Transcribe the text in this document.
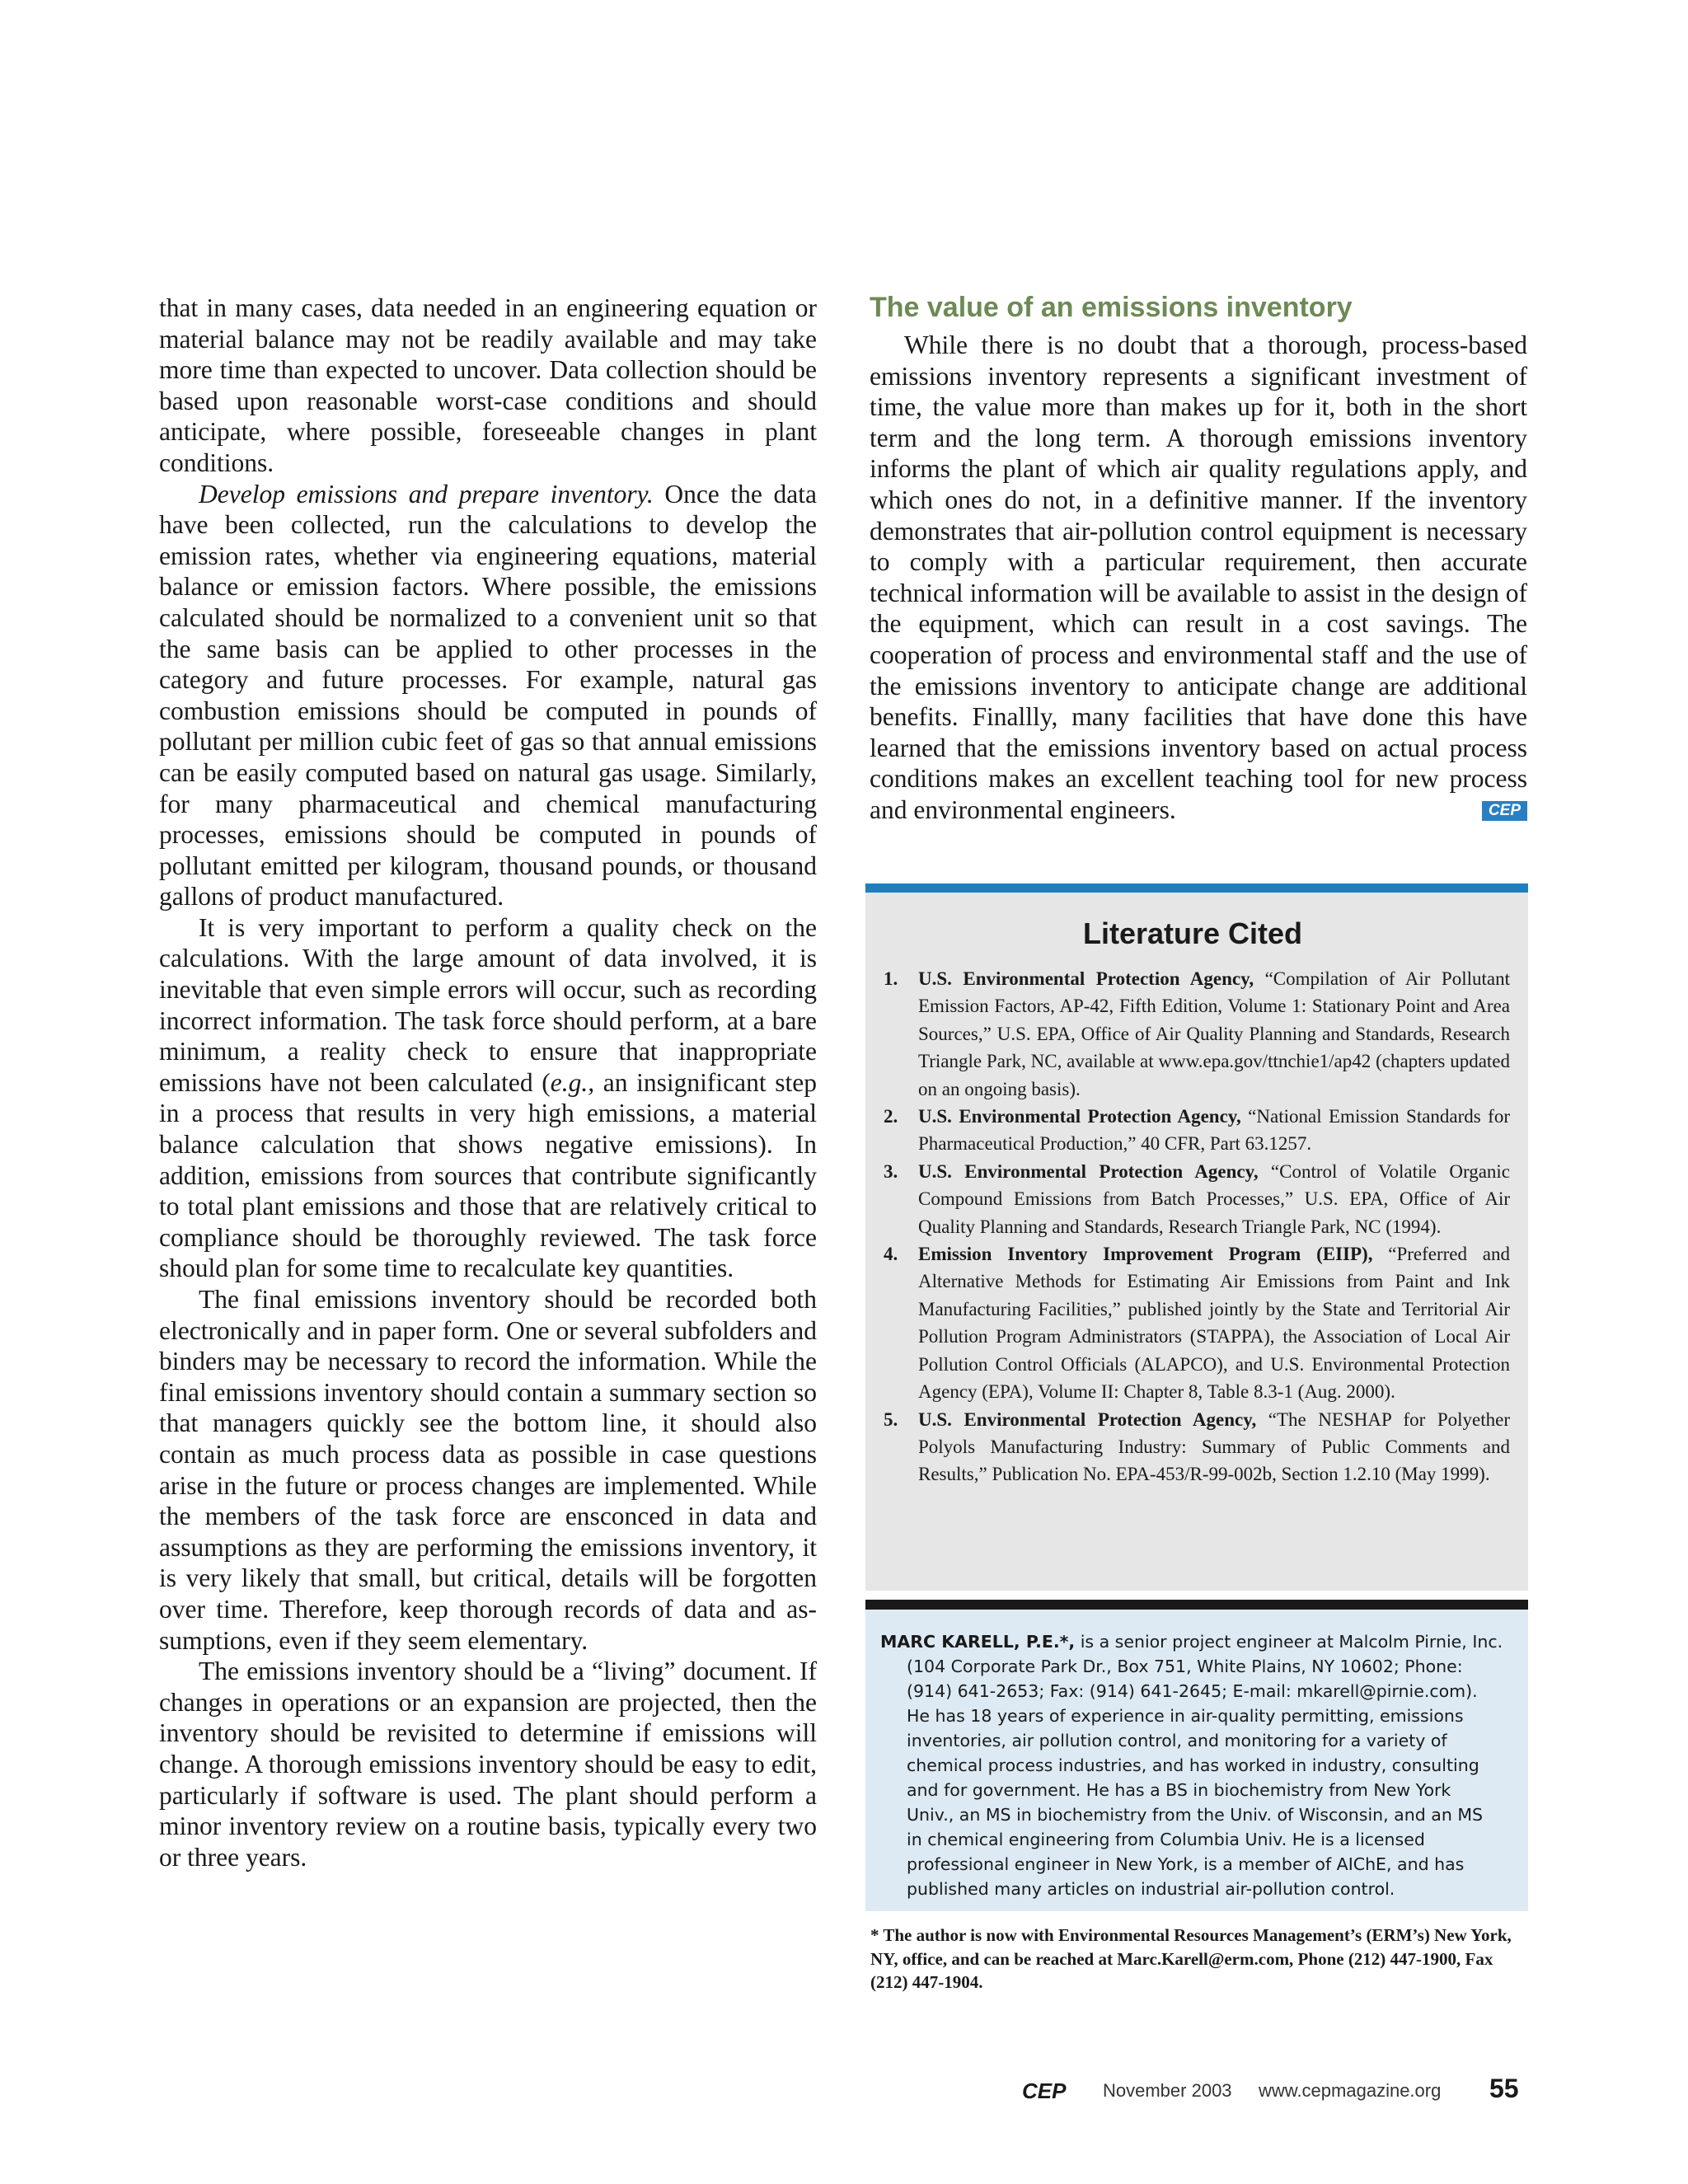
that in many cases, data needed in an engineering equation or material balance may not be readily available and may take more time than expected to uncover. Data collection should be based upon reasonable worst-case conditions and should anticipate, where possible, foreseeable changes in plant conditions.

Develop emissions and prepare inventory. Once the data have been collected, run the calculations to develop the emission rates, whether via engineering equations, material balance or emission factors. Where possible, the emissions calculated should be normalized to a convenient unit so that the same basis can be applied to other processes in the category and future processes. For example, natural gas combustion emissions should be computed in pounds of pollutant per million cubic feet of gas so that annual emissions can be easily computed based on natural gas usage. Similarly, for many pharmaceutical and chemical manufacturing processes, emissions should be computed in pounds of pollutant emitted per kilogram, thousand pounds, or thousand gallons of product manufactured.

It is very important to perform a quality check on the calculations. With the large amount of data involved, it is inevitable that even simple errors will occur, such as recording incorrect information. The task force should perform, at a bare minimum, a reality check to ensure that inappropriate emissions have not been calculated (e.g., an insignificant step in a process that results in very high emissions, a material balance calculation that shows negative emissions). In addition, emissions from sources that contribute significantly to total plant emissions and those that are relatively critical to compliance should be thoroughly reviewed. The task force should plan for some time to recalculate key quantities.

The final emissions inventory should be recorded both electronically and in paper form. One or several subfolders and binders may be necessary to record the information. While the final emissions inventory should contain a summary section so that managers quickly see the bottom line, it should also contain as much process data as possible in case questions arise in the future or process changes are implemented. While the members of the task force are ensconced in data and assumptions as they are performing the emissions inventory, it is very likely that small, but critical, details will be forgotten over time. Therefore, keep thorough records of data and assumptions, even if they seem elementary.

The emissions inventory should be a “living” document. If changes in operations or an expansion are projected, then the inventory should be revisited to determine if emissions will change. A thorough emissions inventory should be easy to edit, particularly if software is used. The plant should perform a minor inventory review on a routine basis, typically every two or three years.

The value of an emissions inventory

While there is no doubt that a thorough, process-based emissions inventory represents a significant investment of time, the value more than makes up for it, both in the short term and the long term. A thorough emissions inventory informs the plant of which air quality regulations apply, and which ones do not, in a definitive manner. If the inventory demonstrates that air-pollution control equipment is necessary to comply with a particular requirement, then accurate technical information will be available to assist in the design of the equipment, which can result in a cost savings. The cooperation of process and environmental staff and the use of the emissions inventory to anticipate change are additional benefits. Finallly, many facilities that have done this have learned that the emissions inventory based on actual process conditions makes an excellent teaching tool for new process and environmental engineers.	CEP

Literature Cited
1. U.S. Environmental Protection Agency, “Compilation of Air Pollutant Emission Factors, AP-42, Fifth Edition, Volume 1: Stationary Point and Area Sources,” U.S. EPA, Office of Air Quality Planning and Standards, Research Triangle Park, NC, available at www.epa.gov/ttnchie1/ap42 (chapters updated on an ongoing basis).
2. U.S. Environmental Protection Agency, “National Emission Standards for Pharmaceutical Production,” 40 CFR, Part 63.1257.
3. U.S. Environmental Protection Agency, “Control of Volatile Organic Compound Emissions from Batch Processes,” U.S. EPA, Office of Air Quality Planning and Standards, Research Triangle Park, NC (1994).
4. Emission Inventory Improvement Program (EIIP), “Preferred and Alternative Methods for Estimating Air Emissions from Paint and Ink Manufacturing Facilities,” published jointly by the State and Territorial Air Pollution Program Administrators (STAPPA), the Association of Local Air Pollution Control Officials (ALAPCO), and U.S. Environmental Protection Agency (EPA), Volume II: Chapter 8, Table 8.3-1 (Aug. 2000).
5. U.S. Environmental Protection Agency, “The NESHAP for Polyether Polyols Manufacturing Industry: Summary of Public Comments and Results,” Publication No. EPA-453/R-99-002b, Section 1.2.10 (May 1999).

MARC KARELL, P.E.*, is a senior project engineer at Malcolm Pirnie, Inc. (104 Corporate Park Dr., Box 751, White Plains, NY 10602; Phone: (914) 641-2653; Fax: (914) 641-2645; E-mail: mkarell@pirnie.com). He has 18 years of experience in air-quality permitting, emissions inventories, air pollution control, and monitoring for a variety of chemical process industries, and has worked in industry, consulting and for government. He has a BS in biochemistry from New York Univ., an MS in biochemistry from the Univ. of Wisconsin, and an MS in chemical engineering from Columbia Univ. He is a licensed professional engineer in New York, is a member of AIChE, and has published many articles on industrial air-pollution control.

* The author is now with Environmental Resources Management’s (ERM’s) New York, NY, office, and can be reached at Marc.Karell@erm.com, Phone (212) 447-1900, Fax (212) 447-1904.

CEP November 2003 www.cepmagazine.org 55
